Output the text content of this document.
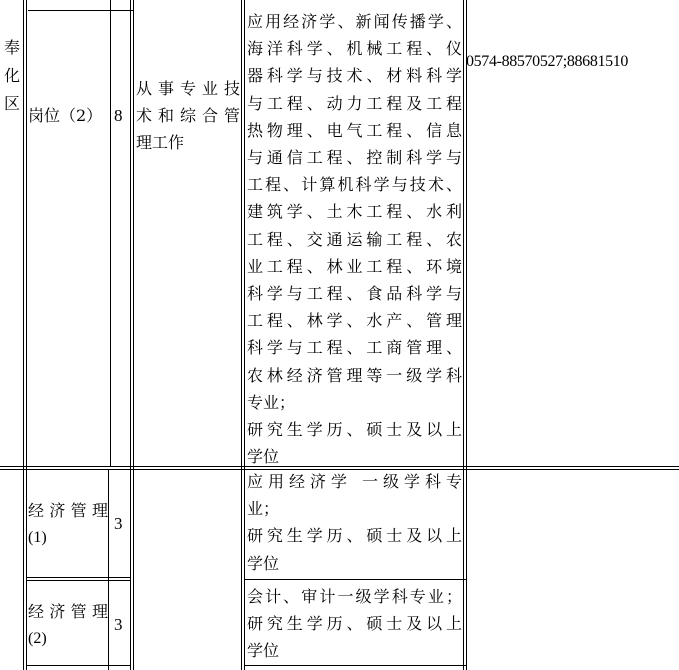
奉化区
岗位（2） 8
从事专业技
术和综合管
理工作
应用经济学、新闻传播学、
海洋科学、机械工程、仪
器科学与技术、材料科学
与工程、动力工程及工程
热物理、电气工程、信息
与通信工程、控制科学与
工程、计算机科学与技术、
建筑学、土木工程、水利
工程、交通运输工程、农
业工程、林业工程、环境
科学与工程、食品科学与
工程、林学、水产、管理
科学与工程、工商管理、
农林经济管理等一级学科
专业；
研究生学历、硕士及以上
学位
0574-88570527;88681510
经济管理
(1)
3
应用经济学 一级学科专
业；
研究生学历、硕士及以上
学位
经济管理
(2)
3
会计、审计一级学科专业；
研究生学历、硕士及以上
学位
